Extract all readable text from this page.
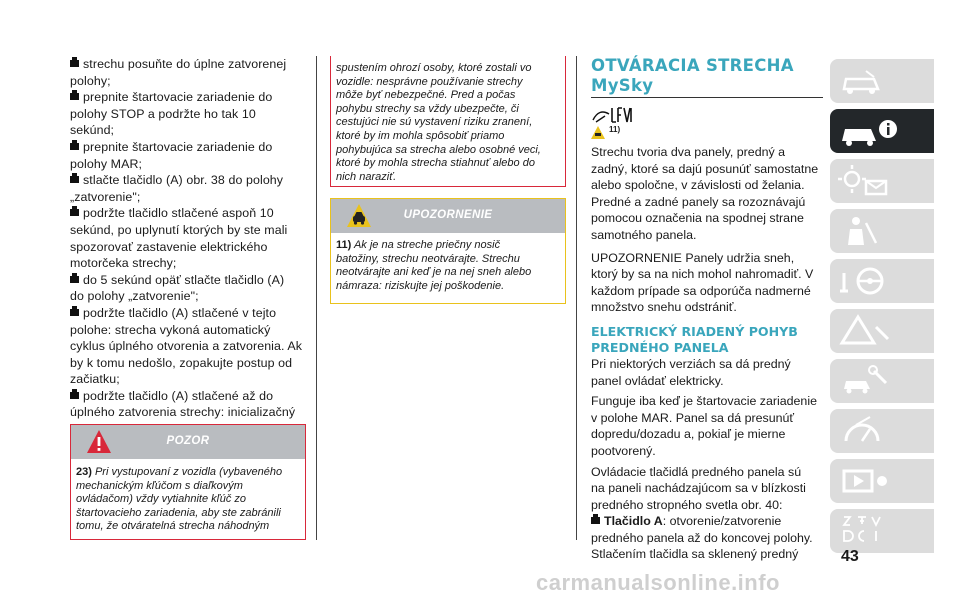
strechu posuňte do úplne zatvorenej
polohy;
prepnite štartovacie zariadenie do
polohy STOP a podržte ho tak 10
sekúnd;
prepnite štartovacie zariadenie do
polohy MAR;
stlačte tlačidlo (A) obr. 38 do polohy
„zatvorenie";
podržte tlačidlo stlačené aspoň 10
sekúnd, po uplynutí ktorých by ste mali
spozorovať zastavenie elektrického
motorčeka strechy;
do 5 sekúnd opäť stlačte tlačidlo (A)
do polohy „zatvorenie";
podržte tlačidlo (A) stlačené v tejto
polohe: strecha vykoná automatický
cyklus úplného otvorenia a zatvorenia. Ak
by k tomu nedošlo, zopakujte postup od
začiatku;
podržte tlačidlo (A) stlačené až do
úplného zatvorenia strechy: inicializačný
POZOR
23) Pri vystupovaní z vozidla (vybaveného
mechanickým kľúčom s diaľkovým
ovládačom) vždy vytiahnite kľúč zo
štartovacieho zariadenia, aby ste zabránili
tomu, že otváratelná strecha náhodným
spustením ohrozí osoby, ktoré zostali vo
vozidle: nesprávne používanie strechy
môže byť nebezpečné. Pred a počas
pohybu strechy sa vždy ubezpečte, či
cestujúci nie sú vystavení riziku zranení,
ktoré by im mohla spôsobiť priamo
pohybujúca sa strecha alebo osobné veci,
ktoré by mohla strecha stiahnuť alebo do
nich naraziť.
UPOZORNENIE
11) Ak je na streche priečny nosič
batožiny, strechu neotvárajte. Strechu
neotvárajte ani keď je na nej sneh alebo
námraza: riziskujte jej poškodenie.
OTVÁRACIA STRECHA
MySky
11)
Strechu tvoria dva panely, predný a
zadný, ktoré sa dajú posunúť samostatne
alebo spoločne, v závislosti od želania.
Predné a zadné panely sa rozoznávajú
pomocou označenia na spodnej strane
samotného panela.
UPOZORNENIE Panely udržia sneh,
ktorý by sa na nich mohol nahromadiť. V
každom prípade sa odporúča nadmerné
množstvo snehu odstrániť.
ELEKTRICKÝ RIADENÝ POHYB
PREDNÉHO PANELA
Pri niektorých verziách sa dá predný
panel ovládať elektricky.
Funguje iba keď je štartovacie zariadenie
v polohe MAR. Panel sa dá presunúť
dopredu/dozadu a, pokiaľ je mierne
pootvorený.
Ovládacie tlačidlá predného panela sú
na paneli nachádzajúcom sa v blízkosti
predného stropného svetla obr. 40:
Tlačidlo A: otvorenie/zatvorenie
predného panela až do koncovej polohy.
Stlačením tlačidla sa sklenený predný	43
carmanualsonline.info
